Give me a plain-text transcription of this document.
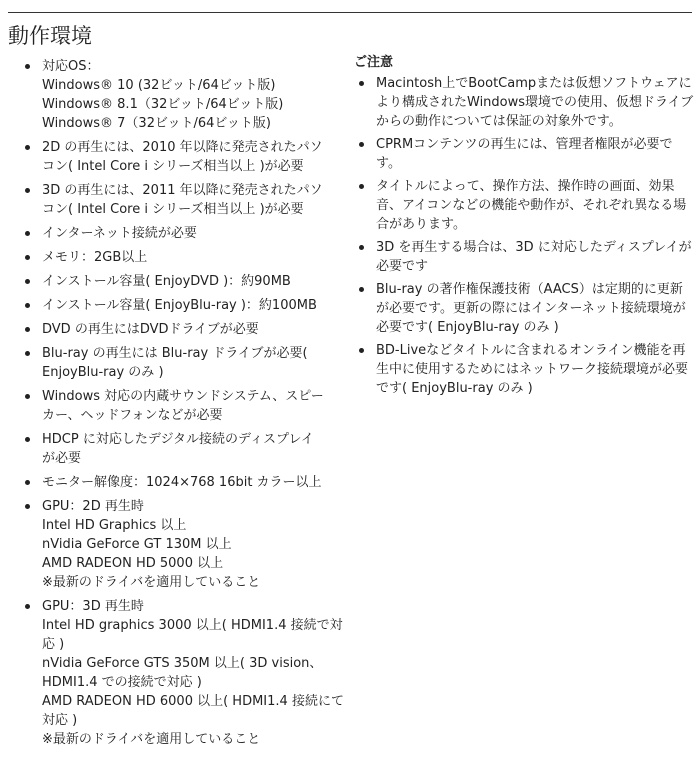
動作環境
対応OS：
Windows® 10 (32ビット/64ビット版)
Windows® 8.1（32ビット/64ビット版)
Windows® 7（32ビット/64ビット版)
2D の再生には、2010 年以降に発売されたパソ
コン( Intel Core i シリーズ相当以上 )が必要
3D の再生には、2011 年以降に発売されたパソ
コン( Intel Core i シリーズ相当以上 )が必要
インターネット接続が必要
メモリ：2GB以上
インストール容量( EnjoyDVD )：約90MB
インストール容量( EnjoyBlu-ray )：約100MB
DVD の再生にはDVDドライブが必要
Blu-ray の再生には Blu-ray ドライブが必要(
EnjoyBlu-ray のみ )
Windows 対応の内蔵サウンドシステム、スピー
カー、ヘッドフォンなどが必要
HDCP に対応したデジタル接続のディスプレイ
が必要
モニター解像度：1024×768 16bit カラー以上
GPU：2D 再生時
Intel HD Graphics 以上
nVidia GeForce GT 130M 以上
AMD RADEON HD 5000 以上
※最新のドライバを適用していること
GPU：3D 再生時
Intel HD graphics 3000 以上( HDMI1.4 接続で対
応 )
nVidia GeForce GTS 350M 以上( 3D vision、
HDMI1.4 での接続で対応 )
AMD RADEON HD 6000 以上( HDMI1.4 接続にて
対応 )
※最新のドライバを適用していること
ご注意
Macintosh上でBootCampまたは仮想ソフトウェアにより構成されたWindows環境での使用、仮想ドライブからの動作については保証の対象外です。
CPRMコンテンツの再生には、管理者権限が必要です。
タイトルによって、操作方法、操作時の画面、効果音、アイコンなどの機能や動作が、それぞれ異なる場合があります。
3D を再生する場合は、3D に対応したディスプレイが必要です
Blu-ray の著作権保護技術（AACS）は定期的に更新が必要です。更新の際にはインターネット接続環境が必要です( EnjoyBlu-ray のみ )
BD-Liveなどタイトルに含まれるオンライン機能を再生中に使用するためにはネットワーク接続環境が必要です( EnjoyBlu-ray のみ )
